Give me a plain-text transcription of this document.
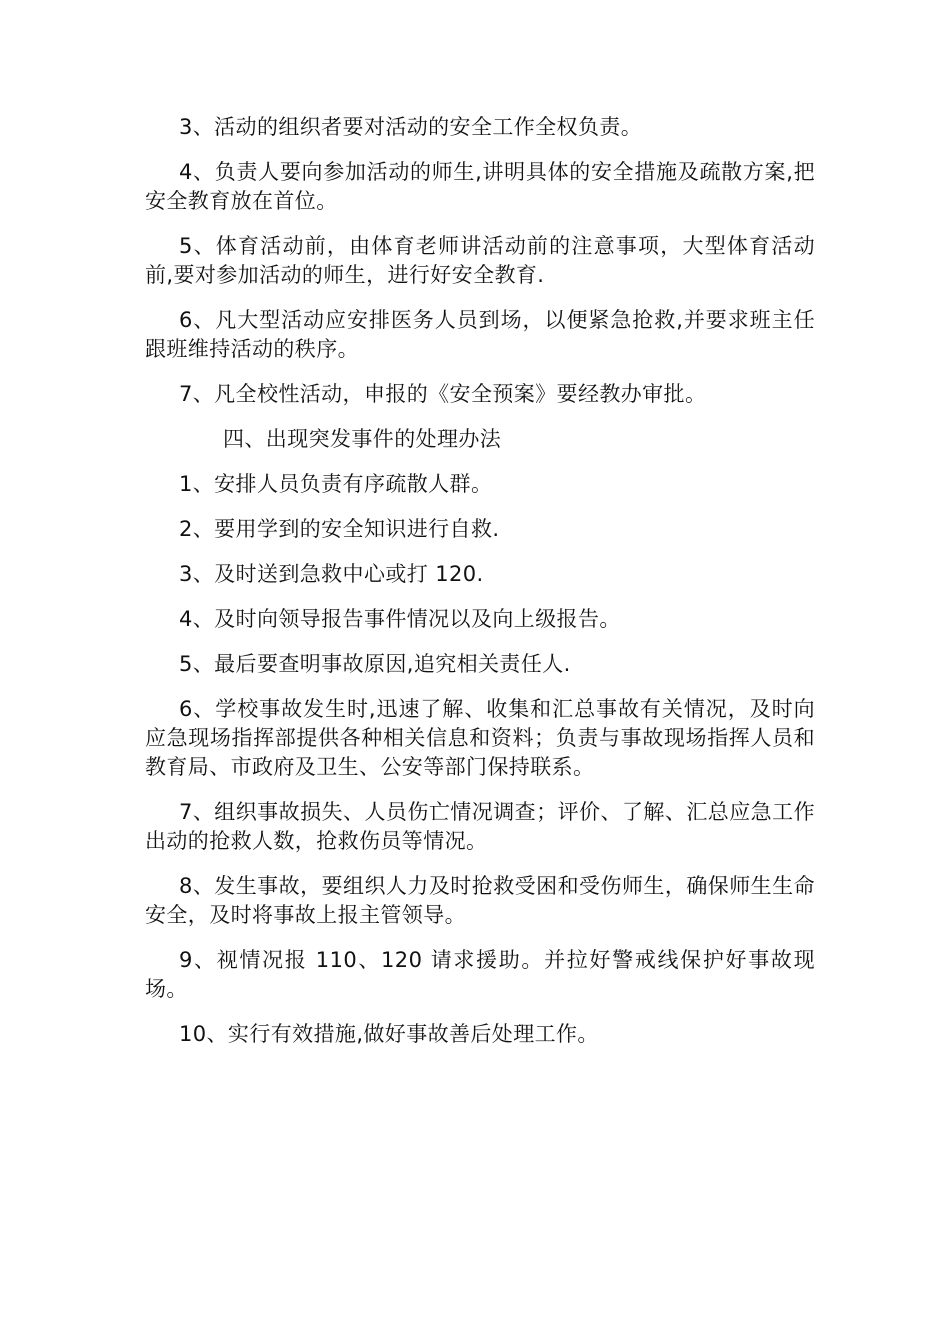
3、活动的组织者要对活动的安全工作全权负责。

4、负责人要向参加活动的师生,讲明具体的安全措施及疏散方案,把安全教育放在首位。

5、体育活动前，由体育老师讲活动前的注意事项，大型体育活动前,要对参加活动的师生，进行好安全教育.

6、凡大型活动应安排医务人员到场，以便紧急抢救,并要求班主任跟班维持活动的秩序。

7、凡全校性活动，申报的《安全预案》要经教办审批。

四、出现突发事件的处理办法

1、安排人员负责有序疏散人群。

2、要用学到的安全知识进行自救.

3、及时送到急救中心或打 120.

4、及时向领导报告事件情况以及向上级报告。

5、最后要查明事故原因,追究相关责任人.

6、学校事故发生时,迅速了解、收集和汇总事故有关情况，及时向应急现场指挥部提供各种相关信息和资料；负责与事故现场指挥人员和教育局、市政府及卫生、公安等部门保持联系。

7、组织事故损失、人员伤亡情况调查；评价、了解、汇总应急工作出动的抢救人数，抢救伤员等情况。

8、发生事故，要组织人力及时抢救受困和受伤师生，确保师生生命安全，及时将事故上报主管领导。

9、视情况报 110、120 请求援助。并拉好警戒线保护好事故现场。

10、实行有效措施,做好事故善后处理工作。
